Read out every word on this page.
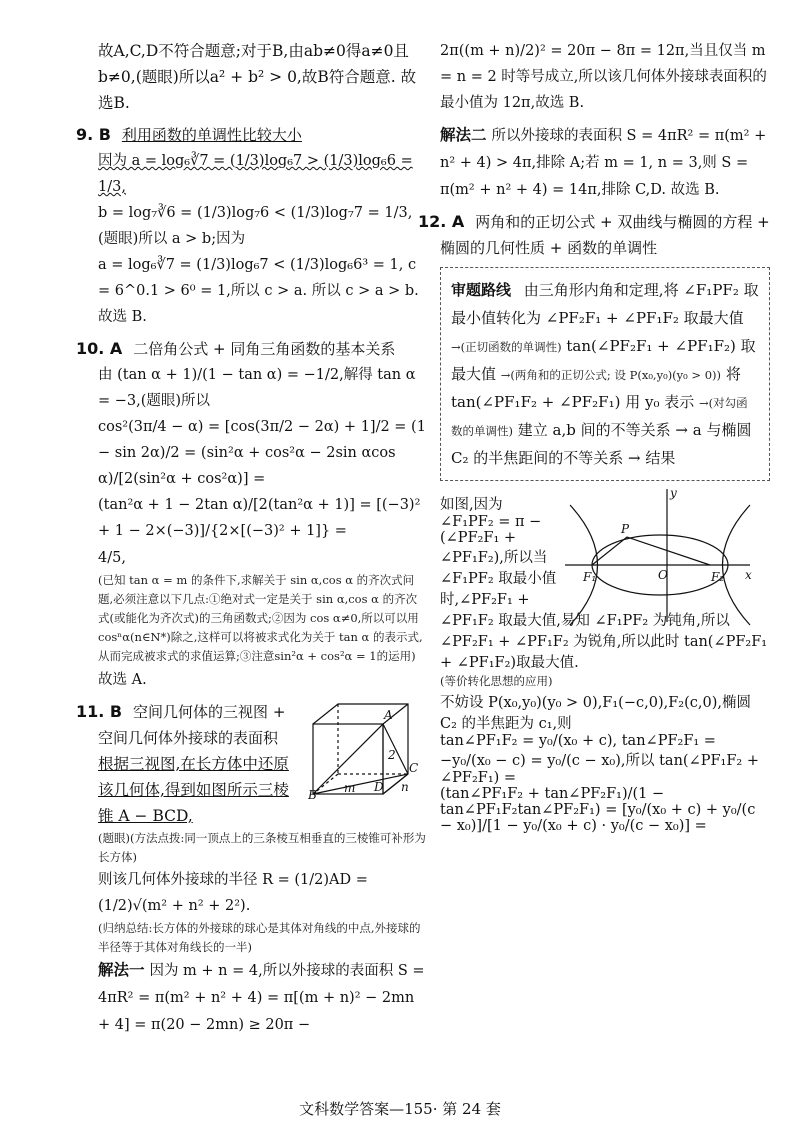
故A,C,D不符合题意;对于B,由ab≠0得a≠0且b≠0,(题眼)所以a² + b² > 0,故B符合题意. 故选B.

9. B 利用函数的单调性比较大小
因为 a = log₆∛7 = (1/3)log₆7 > (1/3)log₆6 = 1/3,
b = log₇∛6 = (1/3)log₇6 < (1/3)log₇7 = 1/3,(题眼)所以 a > b;因为
a = log₆∛7 = (1/3)log₆7 < (1/3)log₆6³ = 1, c = 6^0.1 > 6⁰ = 1,所以 c > a. 所以 c > a > b. 故选 B.
10. A 二倍角公式 + 同角三角函数的基本关系
由 (tan α + 1)/(1 − tan α) = −1/2,解得 tan α = −3,(题眼)所以
cos²(3π/4 − α) = [cos(3π/2 − 2α) + 1]/2 = (1 − sin 2α)/2 = (sin²α + cos²α − 2sin αcos α)/[2(sin²α + cos²α)] =
(tan²α + 1 − 2tan α)/[2(tan²α + 1)] = [(−3)² + 1 − 2×(−3)]/{2×[(−3)² + 1]} =
4/5,
(已知 tan α = m 的条件下,求解关于 sin α,cos α 的齐次式问题,必须注意以下几点:①绝对式一定是关于 sin α,cos α 的齐次式(或能化为齐次式)的三角函数式;②因为 cos α≠0,所以可以用cosⁿα(n∈N*)除之,这样可以将被求式化为关于 tan α 的表示式,从而完成被求式的求值运算;③注意sin²α + cos²α = 1的运用)
故选 A.
11. B 空间几何体的三视图 +
空间几何体外接球的表面积
A
B
C
D n
m
2
根据三视图,在长方体中还原该几何体,得到如图所示三棱锥 A − BCD,
(题眼)(方法点拨:同一顶点上的三条棱互相垂直的三棱锥可补形为长方体)
则该几何体外接球的半径 R = (1/2)AD = (1/2)√(m² + n² + 2²).
(归纳总结:长方体的外接球的球心是其体对角线的中点,外接球的半径等于其体对角线长的一半)
解法一 因为 m + n = 4,所以外接球的表面积 S = 4πR² = π(m² + n² + 4) = π[(m + n)² − 2mn + 4] = π(20 − 2mn) ≥ 20π −

2π((m + n)/2)² = 20π − 8π = 12π,当且仅当 m = n = 2 时等号成立,所以该几何体外接球表面积的最小值为 12π,故选 B.

解法二 所以外接球的表面积 S = 4πR² = π(m² + n² + 4) > 4π,排除 A;若 m = 1, n = 3,则 S = π(m² + n² + 4) = 14π,排除 C,D. 故选 B.

12. A 两角和的正切公式 + 双曲线与椭圆的方程 + 椭圆的几何性质 + 函数的单调性
审题路线 由三角形内角和定理,将 ∠F₁PF₂ 取最小值转化为 ∠PF₂F₁ + ∠PF₁F₂ 取最大值 →(正切函数的单调性) tan(∠PF₂F₁ + ∠PF₁F₂) 取最大值 →(两角和的正切公式; 设 P(x₀,y₀)(y₀ > 0)) 将 tan(∠PF₁F₂ + ∠PF₂F₁) 用 y₀ 表示 →(对勾函数的单调性) 建立 a,b 间的不等关系 → a 与椭圆 C₂ 的半焦距间的不等关系 → 结果
y
x
P
O
F₁	F₂
如图,因为 ∠F₁PF₂ = π − (∠PF₂F₁ + ∠PF₁F₂),所以当 ∠F₁PF₂ 取最小值时,∠PF₂F₁ +
∠PF₁F₂ 取最大值,易知 ∠F₁PF₂ 为钝角,所以 ∠PF₂F₁ + ∠PF₁F₂ 为锐角,所以此时 tan(∠PF₂F₁ + ∠PF₁F₂)取最大值.
(等价转化思想的应用)
不妨设 P(x₀,y₀)(y₀ > 0),F₁(−c,0),F₂(c,0),椭圆 C₂ 的半焦距为 c₁,则
tan∠PF₁F₂ = y₀/(x₀ + c), tan∠PF₂F₁ = −y₀/(x₀ − c) = y₀/(c − x₀),所以 tan(∠PF₁F₂ + ∠PF₂F₁) =
(tan∠PF₁F₂ + tan∠PF₂F₁)/(1 − tan∠PF₁F₂tan∠PF₂F₁) = [y₀/(x₀ + c) + y₀/(c − x₀)]/[1 − y₀/(x₀ + c) · y₀/(c − x₀)] =
文科数学答案—155· 第 24 套
